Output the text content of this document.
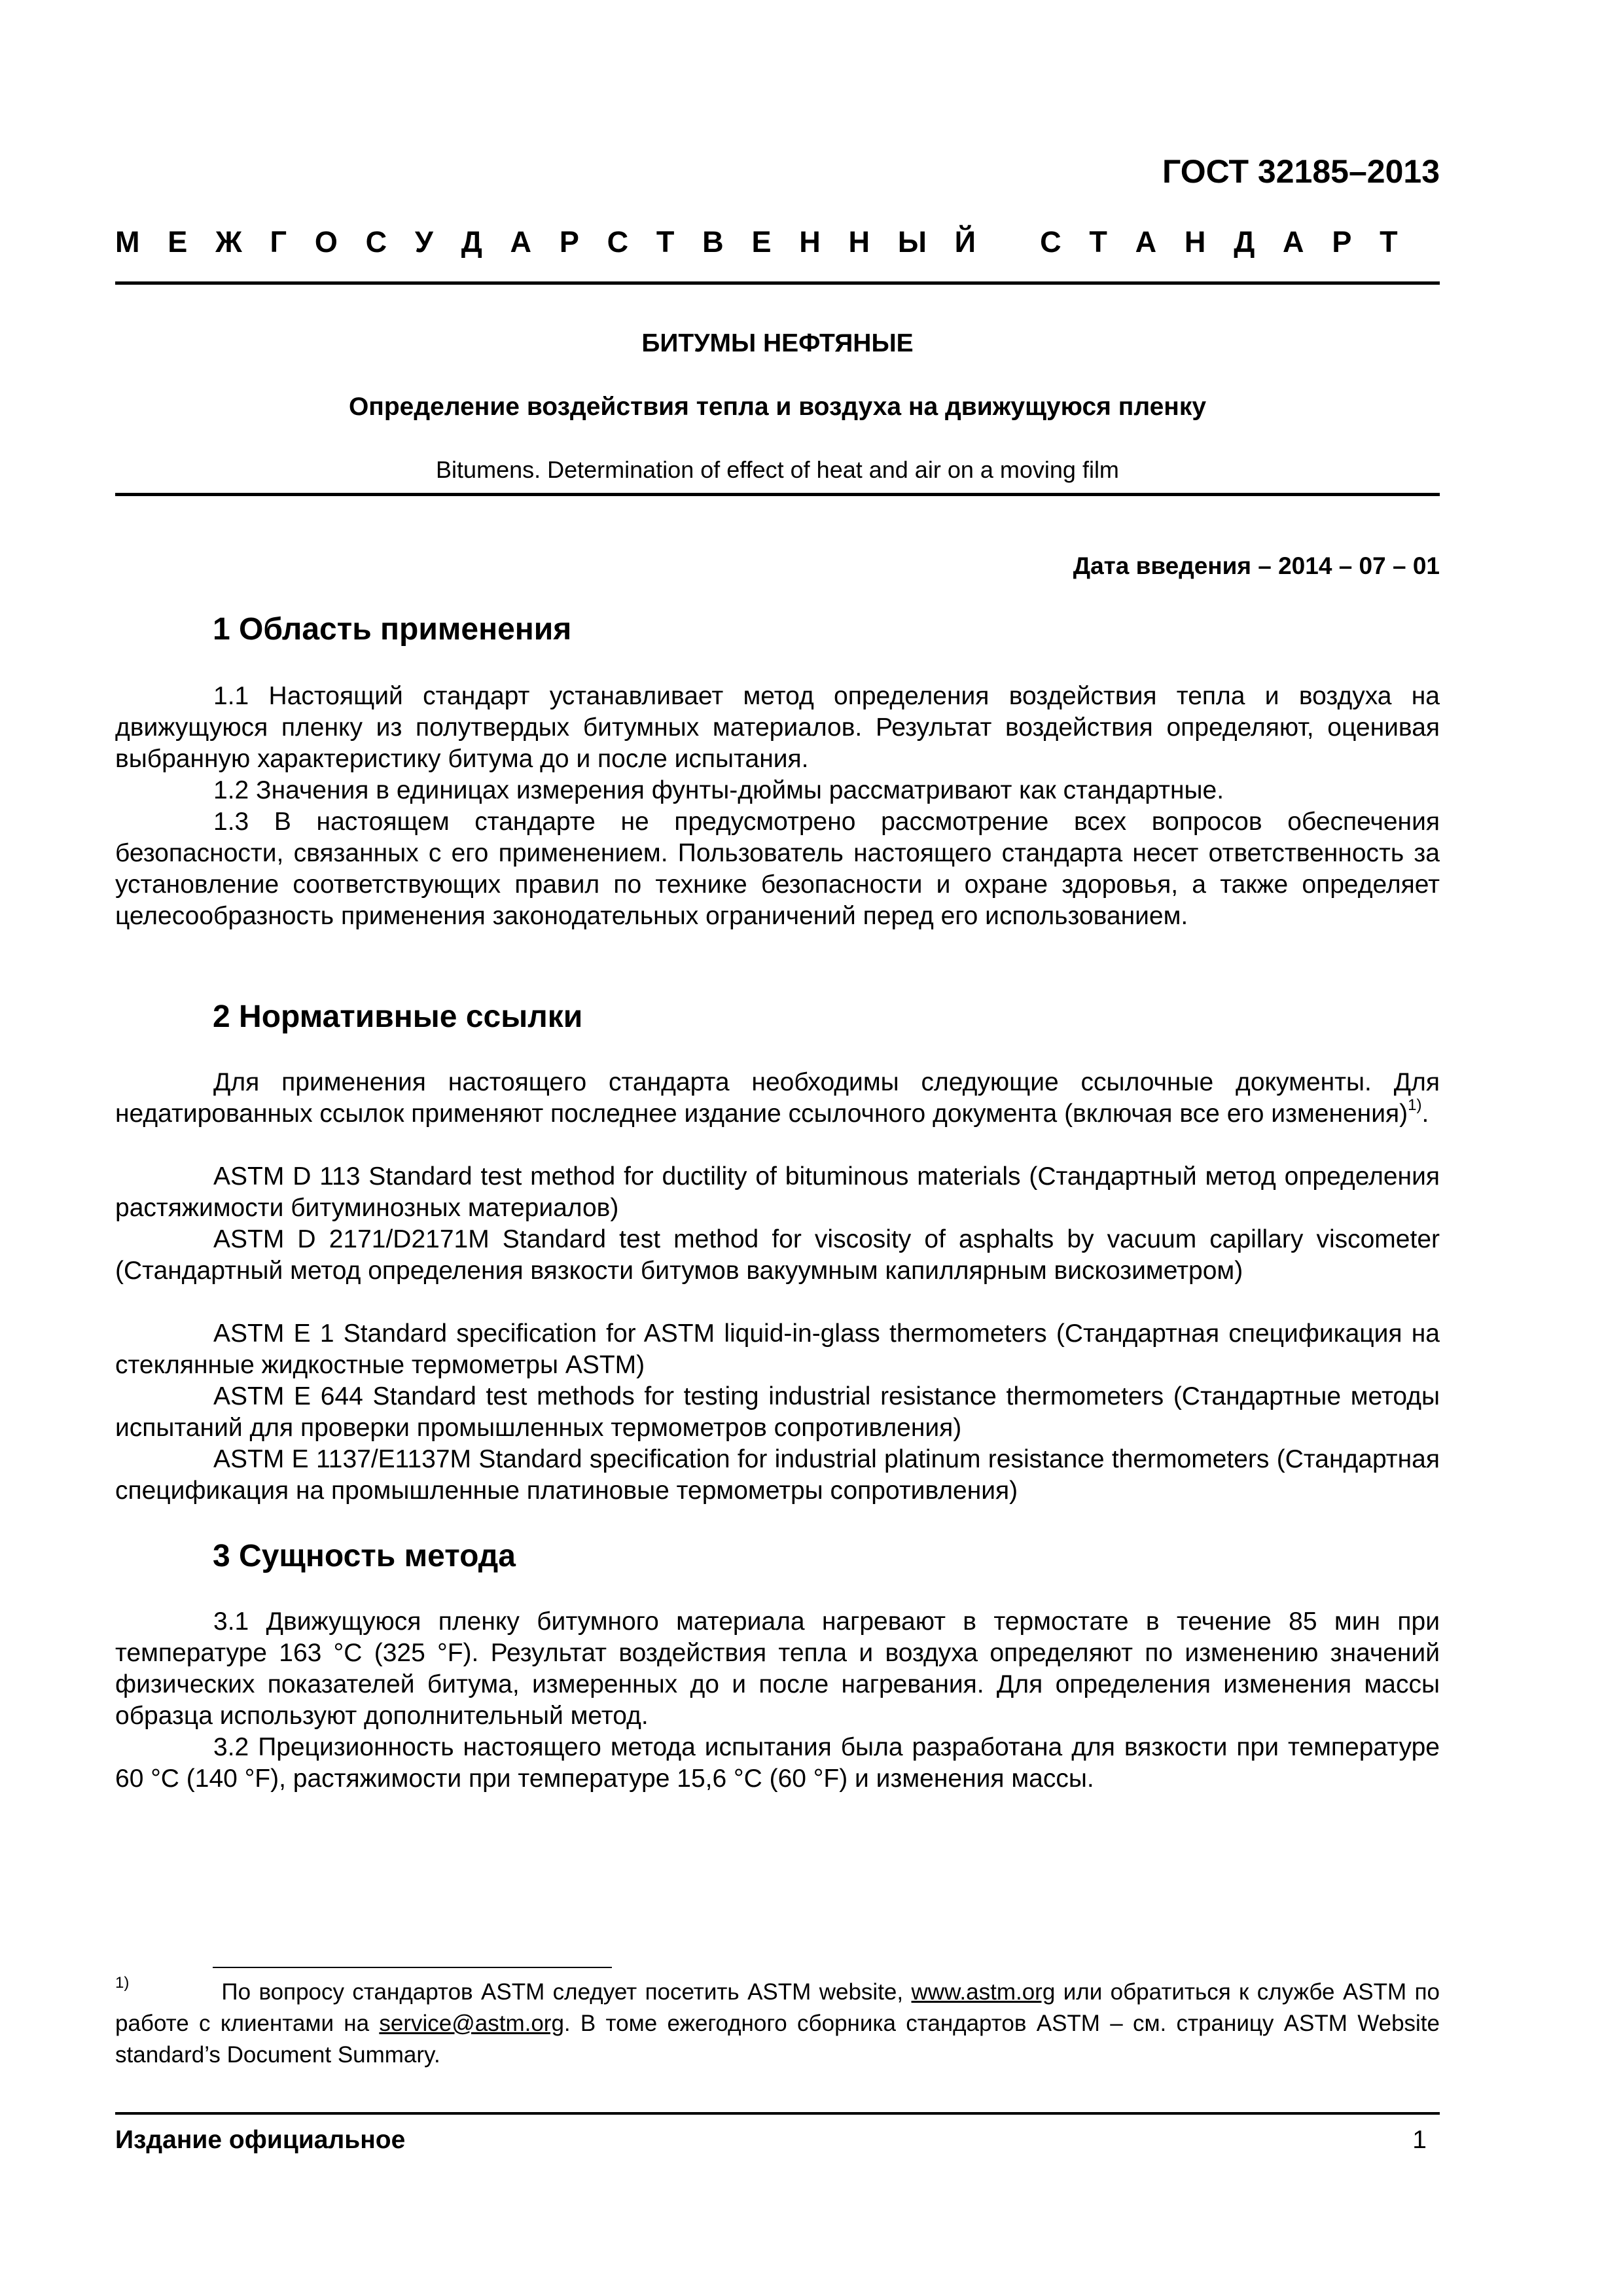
ГОСТ 32185–2013
М Е Ж Г О С У Д А Р С Т В Е Н Н Ы Й
С Т А Н Д А Р Т
БИТУМЫ НЕФТЯНЫЕ
Определение воздействия тепла и воздуха на движущуюся пленку
Bitumens. Determination of effect of heat and air on a moving film
Дата введения – 2014 – 07 – 01
1 Область применения
1.1 Настоящий стандарт устанавливает метод определения воздействия тепла и воздуха на движущуюся пленку из полутвердых битумных материалов. Результат воздействия определяют, оценивая выбранную характеристику битума до и после испытания.
1.2 Значения в единицах измерения фунты-дюймы рассматривают как стандартные.
1.3 В настоящем стандарте не предусмотрено рассмотрение всех вопросов обеспечения безопасности, связанных с его применением. Пользователь настоящего стандарта несет ответственность за установление соответствующих правил по технике безопасности и охране здоровья, а также определяет целесообразность применения законодательных ограничений перед его использованием.
2 Нормативные ссылки
Для применения настоящего стандарта необходимы следующие ссылочные документы. Для недатированных ссылок применяют последнее издание ссылочного документа (включая все его изменения)$^{1)}$.
ASTM D 113 Standard test method for ductility of bituminous materials (Стандартный метод определения растяжимости битуминозных материалов)
ASTM D 2171/D2171M Standard test method for viscosity of asphalts by vacuum capillary viscometer (Стандартный метод определения вязкости битумов вакуумным капиллярным вискозиметром)
ASTM E 1 Standard specification for ASTM liquid-in-glass thermometers (Стандартная спецификация на стеклянные жидкостные термометры ASTM)
ASTM E 644 Standard test methods for testing industrial resistance thermometers (Стандартные методы испытаний для проверки промышленных термометров сопротивления)
ASTM E 1137/E1137M Standard specification for industrial platinum resistance thermometers (Стандартная спецификация на промышленные платиновые термометры сопротивления)
3 Сущность метода
3.1 Движущуюся пленку битумного материала нагревают в термостате в течение 85 мин при температуре 163 °C (325 °F). Результат воздействия тепла и воздуха определяют по изменению значений физических показателей битума, измеренных до и после нагревания. Для определения изменения массы образца используют дополнительный метод.
3.2 Прецизионность настоящего метода испытания была разработана для вязкости при температуре 60 °C (140 °F), растяжимости при температуре 15,6 °C (60 °F) и изменения массы.
$^{1)}$	По вопросу стандартов ASTM следует посетить ASTM website, www.astm.org или обратиться к службе ASTM по работе с клиентами на service@astm.org. В томе ежегодного сборника стандартов ASTM – см. страницу ASTM Website standard’s Document Summary.
Издание официальное	1
